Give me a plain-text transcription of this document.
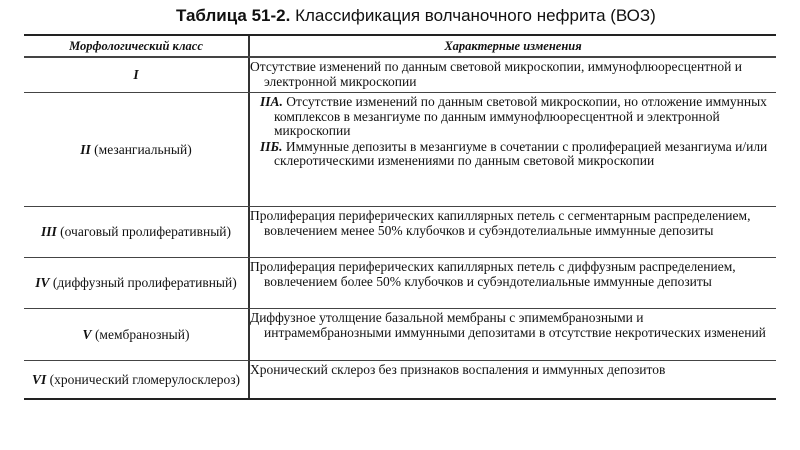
Таблица 51-2. Классификация волчаночного нефрита (ВОЗ)
Морфологический класс	Характерные изменения
I
Отсутствие изменений по данным световой микроскопии, иммунофлюоресцентной и электронной микроскопии
II (мезангиальный)
IIA. Отсутствие изменений по данным световой микроскопии, но отложение иммунных комплексов в мезангиуме по данным иммунофлюоресцентной и электронной микроскопии
IIБ. Иммунные депозиты в мезангиуме в сочетании с пролиферацией мезангиума и/или склеротическими изменениями по данным световой микроскопии
III (очаговый пролиферативный)
Пролиферация периферических капиллярных петель с сегментарным распределением, вовлечением менее 50% клубочков и субэндотелиальные иммунные депозиты
IV (диффузный пролиферативный)
Пролиферация периферических капиллярных петель с диффузным распределением, вовлечением более 50% клубочков и субэндотелиальные иммунные депозиты
V (мембранозный)
Диффузное утолщение базальной мембраны с эпимембранозными и интрамембранозными иммунными депозитами в отсутствие некротических изменений
VI (хронический гломерулосклероз)
Хронический склероз без признаков воспаления и иммунных депозитов
